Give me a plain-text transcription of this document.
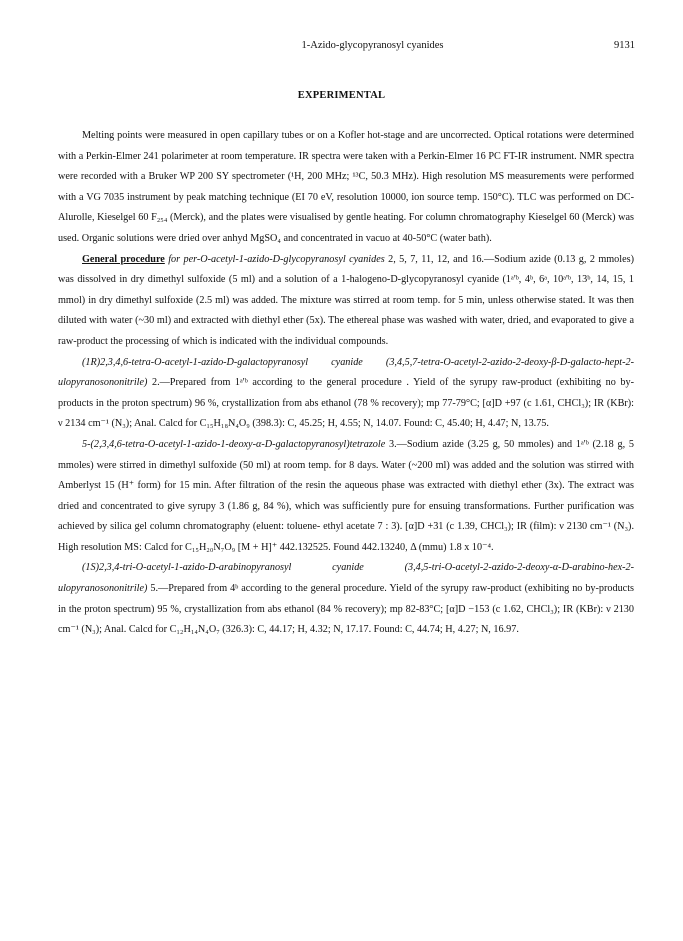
1-Azido-glycopyranosyl cyanides	9131
EXPERIMENTAL

Melting points were measured in open capillary tubes or on a Kofler hot-stage and are uncorrected. Optical rotations were determined with a Perkin-Elmer 241 polarimeter at room temperature. IR spectra were taken with a Perkin-Elmer 16 PC FT-IR instrument. NMR spectra were recorded with a Bruker WP 200 SY spectrometer (¹H, 200 MHz; ¹³C, 50.3 MHz). High resolution MS measurements were performed with a VG 7035 instrument by peak matching technique (EI 70 eV, resolution 10000, ion source temp. 150°C). TLC was performed on DC-Alurolle, Kieselgel 60 F₂₅₄ (Merck), and the plates were visualised by gentle heating. For column chromatography Kieselgel 60 (Merck) was used. Organic solutions were dried over anhyd MgSO₄ and concentrated in vacuo at 40-50°C (water bath).

General procedure for per-O-acetyl-1-azido-D-glycopyranosyl cyanides 2, 5, 7, 11, 12, and 16.—Sodium azide (0.13 g, 2 mmoles) was dissolved in dry dimethyl sulfoxide (5 ml) and a solution of a 1-halogeno-D-glycopyranosyl cyanide (1ᵃ'ᵇ, 4ᵇ, 6ᵃ, 10ᵃ'ᵇ, 13ᵇ, 14, 15, 1 mmol) in dry dimethyl sulfoxide (2.5 ml) was added. The mixture was stirred at room temp. for 5 min, unless otherwise stated. It was then diluted with water (~30 ml) and extracted with diethyl ether (5x). The ethereal phase was washed with water, dried, and evaporated to give a raw-product the processing of which is indicated with the individual compounds.

(1R)2,3,4,6-tetra-O-acetyl-1-azido-D-galactopyranosyl cyanide (3,4,5,7-tetra-O-acetyl-2-azido-2-deoxy-β-D-galacto-hept-2-ulopyranosononitrile) 2.—Prepared from 1ᵃ'ᵇ according to the general procedure . Yield of the syrupy raw-product (exhibiting no by-products in the proton spectrum) 96 %, crystallization from abs ethanol (78 % recovery); mp 77-79°C; [α]D +97 (c 1.61, CHCl₃); IR (KBr): ν 2134 cm⁻¹ (N₃); Anal. Calcd for C₁₅H₁₈N₄O₉ (398.3): C, 45.25; H, 4.55; N, 14.07. Found: C, 45.40; H, 4.47; N, 13.75.

5-(2,3,4,6-tetra-O-acetyl-1-azido-1-deoxy-α-D-galactopyranosyl)tetrazole 3.—Sodium azide (3.25 g, 50 mmoles) and 1ᵃ'ᵇ (2.18 g, 5 mmoles) were stirred in dimethyl sulfoxide (50 ml) at room temp. for 8 days. Water (~200 ml) was added and the solution was stirred with Amberlyst 15 (H⁺ form) for 15 min. After filtration of the resin the aqueous phase was extracted with diethyl ether (3x). The extract was dried and concentrated to give syrupy 3 (1.86 g, 84 %), which was sufficiently pure for ensuing transformations. Further purification was achieved by silica gel column chromatography (eluent: toluene- ethyl acetate 7 : 3). [α]D +31 (c 1.39, CHCl₃); IR (film): ν 2130 cm⁻¹ (N₃). High resolution MS: Calcd for C₁₅H₂₀N₇O₉ [M + H]⁺ 442.132525. Found 442.13240, Δ (mmu) 1.8 x 10⁻⁴.

(1S)2,3,4-tri-O-acetyl-1-azido-D-arabinopyranosyl cyanide (3,4,5-tri-O-acetyl-2-azido-2-deoxy-α-D-arabino-hex-2-ulopyranosononitrile) 5.—Prepared from 4ᵇ according to the general procedure. Yield of the syrupy raw-product (exhibiting no by-products in the proton spectrum) 95 %, crystallization from abs ethanol (84 % recovery); mp 82-83°C; [α]D −153 (c 1.62, CHCl₃); IR (KBr): ν 2130 cm⁻¹ (N₃); Anal. Calcd for C₁₂H₁₄N₄O₇ (326.3): C, 44.17; H, 4.32; N, 17.17. Found: C, 44.74; H, 4.27; N, 16.97.
